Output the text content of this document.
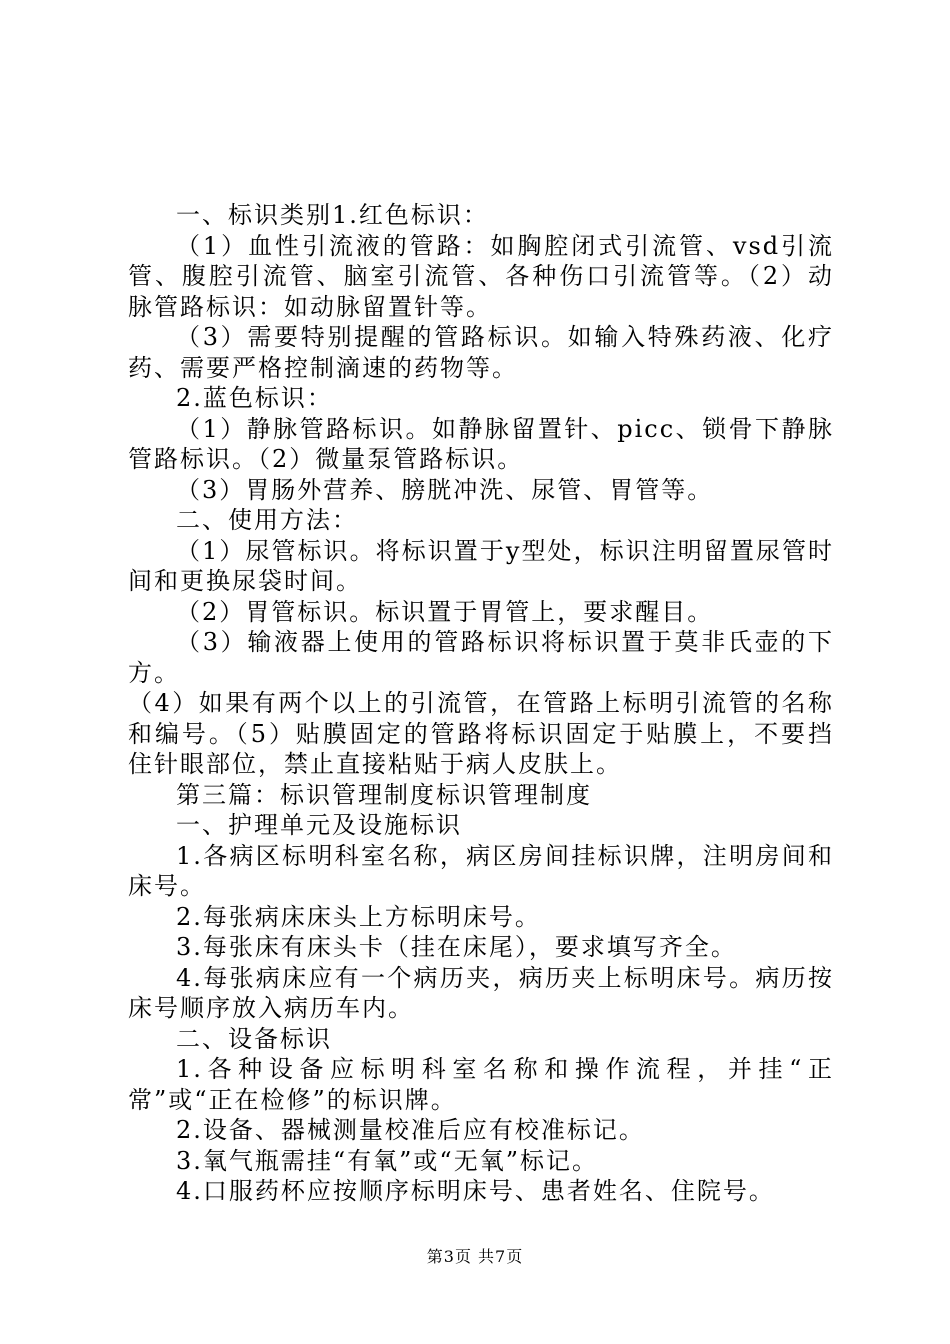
一、标识类别1.红色标识：

（1）血性引流液的管路：如胸腔闭式引流管、vsd引流管、腹腔引流管、脑室引流管、各种伤口引流管等。（2）动脉管路标识：如动脉留置针等。

（3）需要特别提醒的管路标识。如输入特殊药液、化疗药、需要严格控制滴速的药物等。

2.蓝色标识：

（1）静脉管路标识。如静脉留置针、picc、锁骨下静脉管路标识。（2）微量泵管路标识。

（3）胃肠外营养、膀胱冲洗、尿管、胃管等。

二、使用方法：

（1）尿管标识。将标识置于y型处，标识注明留置尿管时间和更换尿袋时间。

（2）胃管标识。标识置于胃管上，要求醒目。

（3）输液器上使用的管路标识将标识置于莫非氏壶的下方。

（4）如果有两个以上的引流管，在管路上标明引流管的名称和编号。（5）贴膜固定的管路将标识固定于贴膜上，不要挡住针眼部位，禁止直接粘贴于病人皮肤上。

第三篇：标识管理制度标识管理制度

一、护理单元及设施标识

1.各病区标明科室名称，病区房间挂标识牌，注明房间和床号。

2.每张病床床头上方标明床号。

3.每张床有床头卡（挂在床尾），要求填写齐全。

4.每张病床应有一个病历夹，病历夹上标明床号。病历按床号顺序放入病历车内。

二、设备标识

1.各种设备应标明科室名称和操作流程，并挂“正常”或“正在检修”的标识牌。

2.设备、器械测量校准后应有校准标记。

3.氧气瓶需挂“有氧”或“无氧”标记。

4.口服药杯应按顺序标明床号、患者姓名、住院号。

第3页 共7页
